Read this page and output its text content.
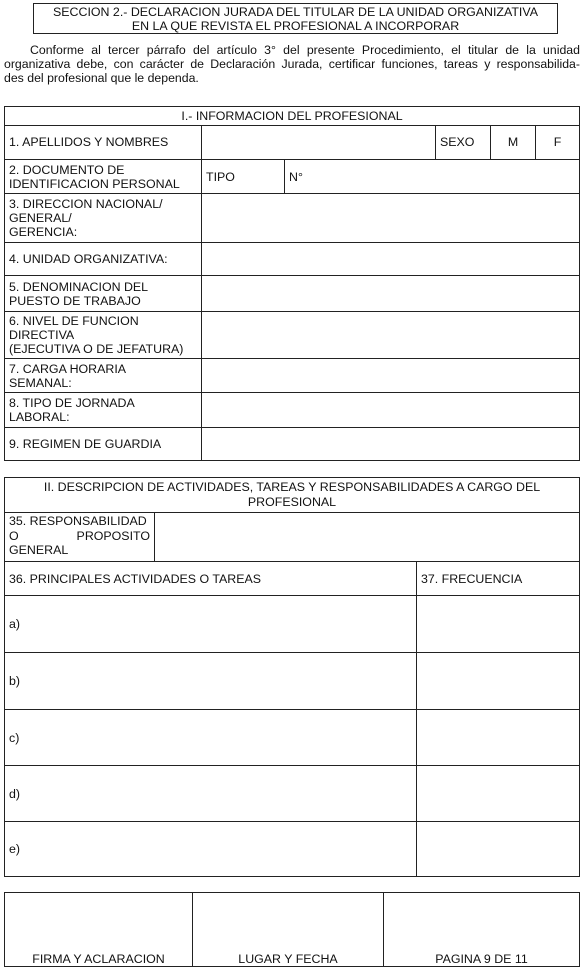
SECCION 2.- DECLARACION JURADA DEL TITULAR DE LA UNIDAD ORGANIZATIVA
EN LA QUE REVISTA EL PROFESIONAL A INCORPORAR
Conforme al tercer párrafo del artículo 3° del presente Procedimiento, el titular de la unidad
organizativa debe, con carácter de Declaración Jurada, certificar funciones, tareas y responsabilida-
des del profesional que le dependa.
I.- INFORMACION DEL PROFESIONAL
1. APELLIDOS Y NOMBRES	SEXO	M	F
2. DOCUMENTO DE
IDENTIFICACION PERSONAL	TIPO	N°
3. DIRECCION NACIONAL/
GENERAL/
GERENCIA:
4. UNIDAD ORGANIZATIVA:
5. DENOMINACION DEL
PUESTO DE TRABAJO
6. NIVEL DE FUNCION
DIRECTIVA
(EJECUTIVA O DE JEFATURA)
7. CARGA HORARIA
SEMANAL:
8. TIPO DE JORNADA
LABORAL:
9. REGIMEN DE GUARDIA
II. DESCRIPCION DE ACTIVIDADES, TAREAS Y RESPONSABILIDADES A CARGO DEL
PROFESIONAL
35. RESPONSABILIDAD
O PROPOSITO
GENERAL
36. PRINCIPALES ACTIVIDADES O TAREAS	37. FRECUENCIA
a)
b)
c)
d)
e)
FIRMA Y ACLARACION	LUGAR Y FECHA	PAGINA 9 DE 11
